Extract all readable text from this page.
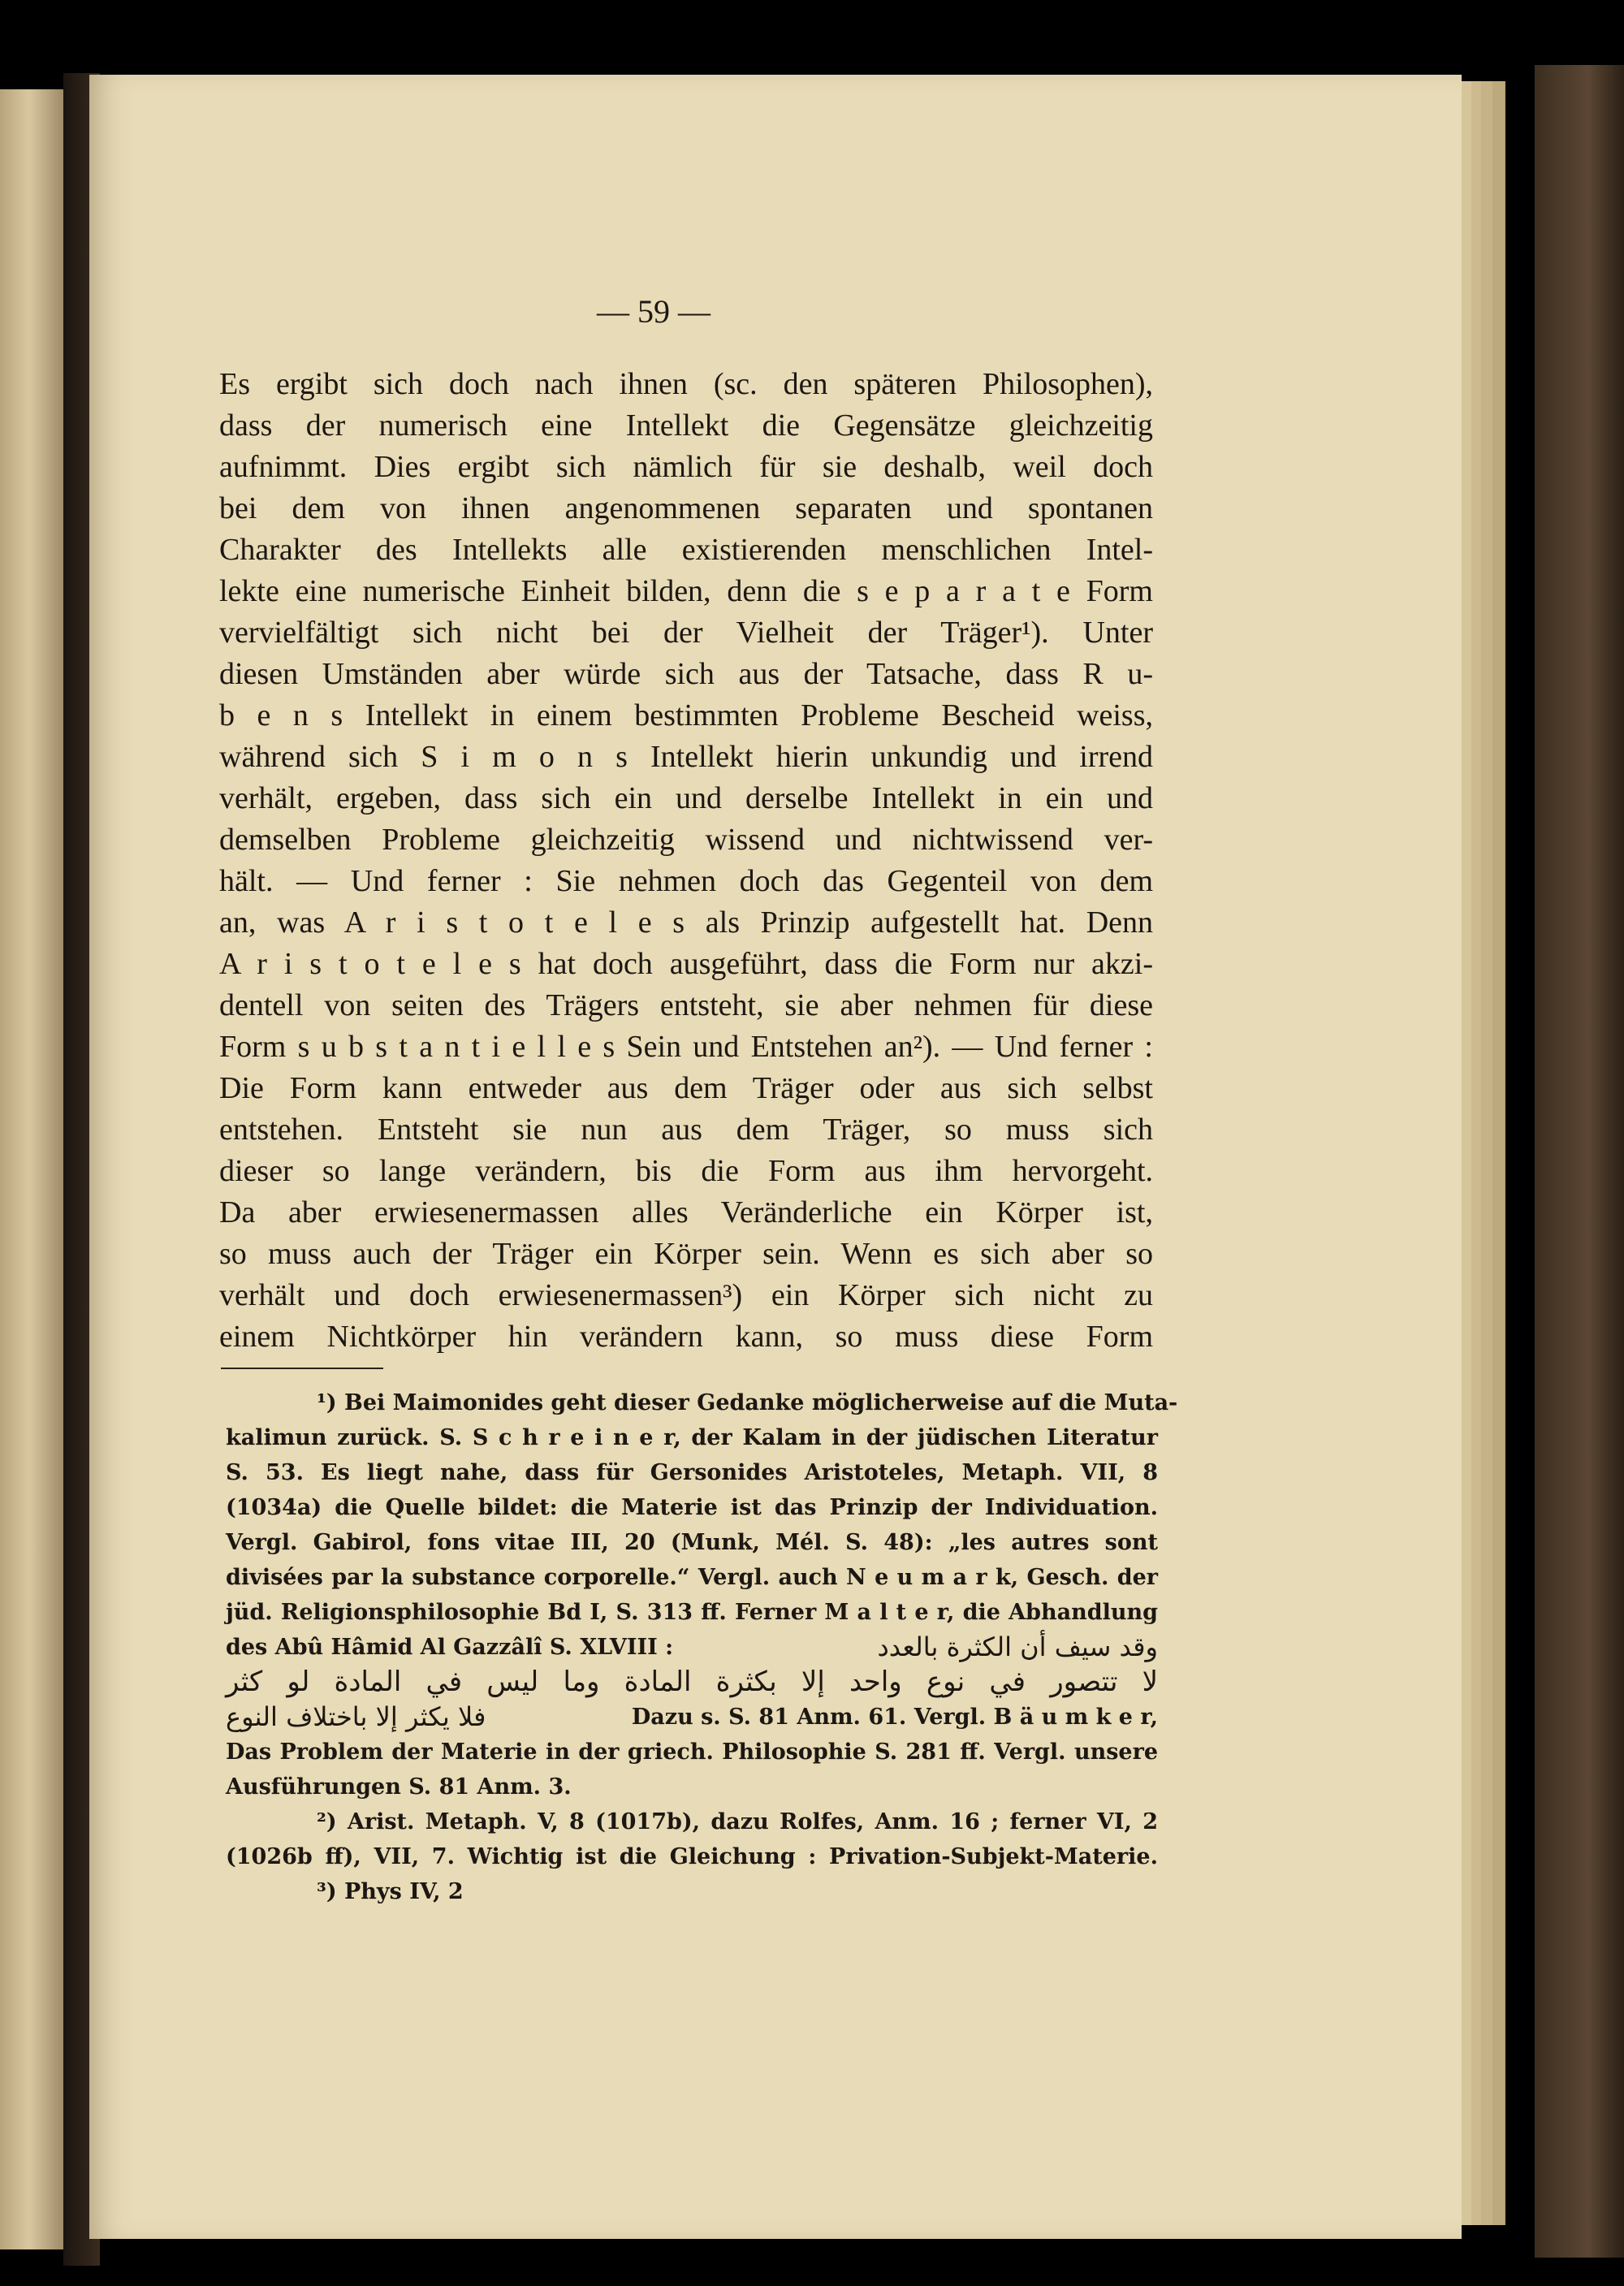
— 59 —
Es ergibt sich doch nach ihnen (sc. den späteren Philosophen),
dass der numerisch eine Intellekt die Gegensätze gleichzeitig
aufnimmt. Dies ergibt sich nämlich für sie deshalb, weil doch
bei dem von ihnen angenommenen separaten und spontanen
Charakter des Intellekts alle existierenden menschlichen Intel-
lekte eine numerische Einheit bilden, denn die s e p a r a t e Form
vervielfältigt sich nicht bei der Vielheit der Träger¹). Unter
diesen Umständen aber würde sich aus der Tatsache, dass R u-
b e n s Intellekt in einem bestimmten Probleme Bescheid weiss,
während sich S i m o n s Intellekt hierin unkundig und irrend
verhält, ergeben, dass sich ein und derselbe Intellekt in ein und
demselben Probleme gleichzeitig wissend und nichtwissend ver-
hält. — Und ferner : Sie nehmen doch das Gegenteil von dem
an, was A r i s t o t e l e s als Prinzip aufgestellt hat. Denn
A r i s t o t e l e s hat doch ausgeführt, dass die Form nur akzi-
dentell von seiten des Trägers entsteht, sie aber nehmen für diese
Form s u b s t a n t i e l l e s Sein und Entstehen an²). — Und ferner :
Die Form kann entweder aus dem Träger oder aus sich selbst
entstehen. Entsteht sie nun aus dem Träger, so muss sich
dieser so lange verändern, bis die Form aus ihm hervorgeht.
Da aber erwiesenermassen alles Veränderliche ein Körper ist,
so muss auch der Träger ein Körper sein. Wenn es sich aber so
verhält und doch erwiesenermassen³) ein Körper sich nicht zu
einem Nichtkörper hin verändern kann, so muss diese Form
¹) Bei Maimonides geht dieser Gedanke möglicherweise auf die Muta-
kalimun zurück. S. S c h r e i n e r, der Kalam in der jüdischen Literatur
S. 53. Es liegt nahe, dass für Gersonides Aristoteles, Metaph. VII, 8
(1034a) die Quelle bildet: die Materie ist das Prinzip der Individuation.
Vergl. Gabirol, fons vitae III, 20 (Munk, Mél. S. 48): „les autres sont
divisées par la substance corporelle.“ Vergl. auch N e u m a r k, Gesch. der
jüd. Religionsphilosophie Bd I, S. 313 ff. Ferner M a l t e r, die Abhandlung
des Abû Hâmid Al Gazzâlî S. XLVIII :	وقد سيف أن الكثرة بالعدد
لا تتصور في نوع واحد إلا بكثرة المادة وما ليس في المادة لو كثر
فلا يكثر إلا باختلاف النوع	Dazu s. S. 81 Anm. 61. Vergl. B ä u m k e r,
Das Problem der Materie in der griech. Philosophie S. 281 ff. Vergl. unsere
Ausführungen S. 81 Anm. 3.
²) Arist. Metaph. V, 8 (1017b), dazu Rolfes, Anm. 16 ; ferner VI, 2
(1026b ff), VII, 7. Wichtig ist die Gleichung : Privation-Subjekt-Materie.
³) Phys IV, 2
